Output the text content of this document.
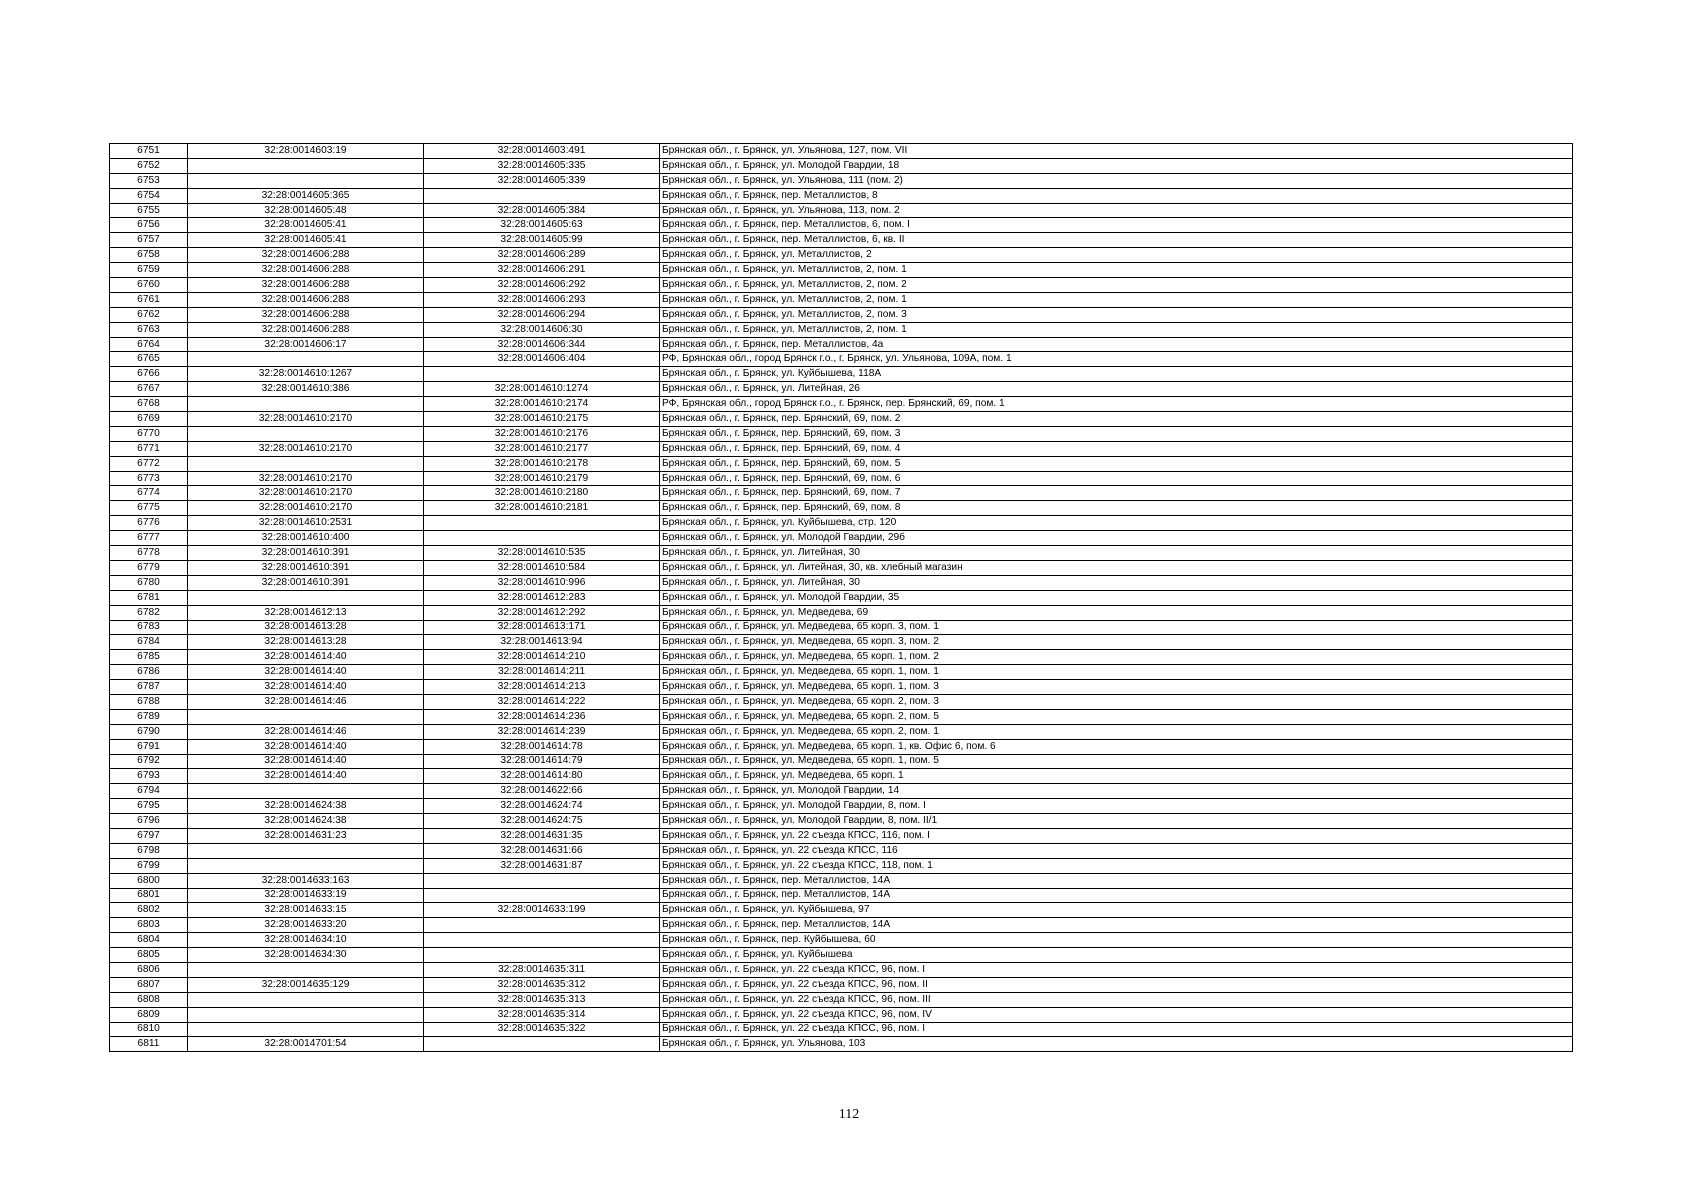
6751	32:28:0014603:19	32:28:0014603:491	Брянская обл., г. Брянск, ул. Ульянова, 127, пом. VII
6752		32:28:0014605:335	Брянская обл., г. Брянск, ул. Молодой Гвардии, 18
6753		32:28:0014605:339	Брянская обл., г. Брянск, ул. Ульянова, 111 (пом. 2)
6754	32:28:0014605:365		Брянская обл., г. Брянск, пер. Металлистов, 8
6755	32:28:0014605:48	32:28:0014605:384	Брянская обл., г. Брянск, ул. Ульянова, 113, пом. 2
6756	32:28:0014605:41	32:28:0014605:63	Брянская обл., г. Брянск, пер. Металлистов, 6, пом. I
6757	32:28:0014605:41	32:28:0014605:99	Брянская обл., г. Брянск, пер. Металлистов, 6, кв. II
6758	32:28:0014606:288	32:28:0014606:289	Брянская обл., г. Брянск, ул. Металлистов, 2
6759	32:28:0014606:288	32:28:0014606:291	Брянская обл., г. Брянск, ул. Металлистов, 2, пом. 1
6760	32:28:0014606:288	32:28:0014606:292	Брянская обл., г. Брянск, ул. Металлистов, 2, пом. 2
6761	32:28:0014606:288	32:28:0014606:293	Брянская обл., г. Брянск, ул. Металлистов, 2, пом. 1
6762	32:28:0014606:288	32:28:0014606:294	Брянская обл., г. Брянск, ул. Металлистов, 2, пом. 3
6763	32:28:0014606:288	32:28:0014606:30	Брянская обл., г. Брянск, ул. Металлистов, 2, пом. 1
6764	32:28:0014606:17	32:28:0014606:344	Брянская обл., г. Брянск, пер. Металлистов, 4а
6765		32:28:0014606:404	РФ, Брянская обл., город Брянск г.о., г. Брянск, ул. Ульянова, 109А, пом. 1
6766	32:28:0014610:1267		Брянская обл., г. Брянск, ул. Куйбышева, 118А
6767	32:28:0014610:386	32:28:0014610:1274	Брянская обл., г. Брянск, ул. Литейная, 26
6768		32:28:0014610:2174	РФ, Брянская обл., город Брянск г.о., г. Брянск, пер. Брянский, 69, пом. 1
6769	32:28:0014610:2170	32:28:0014610:2175	Брянская обл., г. Брянск, пер. Брянский, 69, пом. 2
6770		32:28:0014610:2176	Брянская обл., г. Брянск, пер. Брянский, 69, пом. 3
6771	32:28:0014610:2170	32:28:0014610:2177	Брянская обл., г. Брянск, пер. Брянский, 69, пом. 4
6772		32:28:0014610:2178	Брянская обл., г. Брянск, пер. Брянский, 69, пом. 5
6773	32:28:0014610:2170	32:28:0014610:2179	Брянская обл., г. Брянск, пер. Брянский, 69, пом. 6
6774	32:28:0014610:2170	32:28:0014610:2180	Брянская обл., г. Брянск, пер. Брянский, 69, пом. 7
6775	32:28:0014610:2170	32:28:0014610:2181	Брянская обл., г. Брянск, пер. Брянский, 69, пом. 8
6776	32:28:0014610:2531		Брянская обл., г. Брянск, ул. Куйбышева, стр. 120
6777	32:28:0014610:400		Брянская обл., г. Брянск, ул. Молодой Гвардии, 29б
6778	32:28:0014610:391	32:28:0014610:535	Брянская обл., г. Брянск, ул. Литейная, 30
6779	32:28:0014610:391	32:28:0014610:584	Брянская обл., г. Брянск, ул. Литейная, 30, кв. хлебный магазин
6780	32:28:0014610:391	32:28:0014610:996	Брянская обл., г. Брянск, ул. Литейная, 30
6781		32:28:0014612:283	Брянская обл., г. Брянск, ул. Молодой Гвардии, 35
6782	32:28:0014612:13	32:28:0014612:292	Брянская обл., г. Брянск, ул. Медведева, 69
6783	32:28:0014613:28	32:28:0014613:171	Брянская обл., г. Брянск, ул. Медведева, 65 корп. 3, пом. 1
6784	32:28:0014613:28	32:28:0014613:94	Брянская обл., г. Брянск, ул. Медведева, 65 корп. 3, пом. 2
6785	32:28:0014614:40	32:28:0014614:210	Брянская обл., г. Брянск, ул. Медведева, 65 корп. 1, пом. 2
6786	32:28:0014614:40	32:28:0014614:211	Брянская обл., г. Брянск, ул. Медведева, 65 корп. 1, пом. 1
6787	32:28:0014614:40	32:28:0014614:213	Брянская обл., г. Брянск, ул. Медведева, 65 корп. 1, пом. 3
6788	32:28:0014614:46	32:28:0014614:222	Брянская обл., г. Брянск, ул. Медведева, 65 корп. 2, пом. 3
6789		32:28:0014614:236	Брянская обл., г. Брянск, ул. Медведева, 65 корп. 2, пом. 5
6790	32:28:0014614:46	32:28:0014614:239	Брянская обл., г. Брянск, ул. Медведева, 65 корп. 2, пом. 1
6791	32:28:0014614:40	32:28:0014614:78	Брянская обл., г. Брянск, ул. Медведева, 65 корп. 1, кв. Офис 6, пом. 6
6792	32:28:0014614:40	32:28:0014614:79	Брянская обл., г. Брянск, ул. Медведева, 65 корп. 1, пом. 5
6793	32:28:0014614:40	32:28:0014614:80	Брянская обл., г. Брянск, ул. Медведева, 65 корп. 1
6794		32:28:0014622:66	Брянская обл., г. Брянск, ул. Молодой Гвардии, 14
6795	32:28:0014624:38	32:28:0014624:74	Брянская обл., г. Брянск, ул. Молодой Гвардии, 8, пом. I
6796	32:28:0014624:38	32:28:0014624:75	Брянская обл., г. Брянск, ул. Молодой Гвардии, 8, пом. II/1
6797	32:28:0014631:23	32:28:0014631:35	Брянская обл., г. Брянск, ул. 22 съезда КПСС, 116, пом. I
6798		32:28:0014631:66	Брянская обл., г. Брянск, ул. 22 съезда КПСС, 116
6799		32:28:0014631:87	Брянская обл., г. Брянск, ул. 22 съезда КПСС, 118, пом. 1
6800	32:28:0014633:163		Брянская обл., г. Брянск, пер. Металлистов, 14А
6801	32:28:0014633:19		Брянская обл., г. Брянск, пер. Металлистов, 14А
6802	32:28:0014633:15	32:28:0014633:199	Брянская обл., г. Брянск, ул. Куйбышева, 97
6803	32:28:0014633:20		Брянская обл., г. Брянск, пер. Металлистов, 14А
6804	32:28:0014634:10		Брянская обл., г. Брянск, пер. Куйбышева, 60
6805	32:28:0014634:30		Брянская обл., г. Брянск, ул. Куйбышева
6806		32:28:0014635:311	Брянская обл., г. Брянск, ул. 22 съезда КПСС, 96, пом. I
6807	32:28:0014635:129	32:28:0014635:312	Брянская обл., г. Брянск, ул. 22 съезда КПСС, 96, пом. II
6808		32:28:0014635:313	Брянская обл., г. Брянск, ул. 22 съезда КПСС, 96, пом. III
6809		32:28:0014635:314	Брянская обл., г. Брянск, ул. 22 съезда КПСС, 96, пом. IV
6810		32:28:0014635:322	Брянская обл., г. Брянск, ул. 22 съезда КПСС, 96, пом. I
6811	32:28:0014701:54		Брянская обл., г. Брянск, ул. Ульянова, 103
112
